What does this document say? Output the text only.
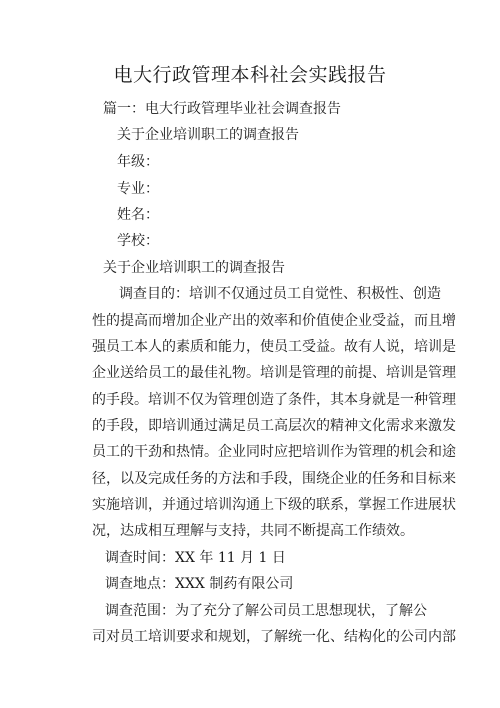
电大行政管理本科社会实践报告
篇一：电大行政管理毕业社会调查报告
关于企业培训职工的调查报告
年级：
专业：
姓名：
学校：
关于企业培训职工的调查报告
调查目的：培训不仅通过员工自觉性、积极性、创造
性的提高而增加企业产出的效率和价值使企业受益，而且增
强员工本人的素质和能力，使员工受益。故有人说，培训是
企业送给员工的最佳礼物。培训是管理的前提、培训是管理
的手段。培训不仅为管理创造了条件，其本身就是一种管理
的手段，即培训通过满足员工高层次的精神文化需求来激发
员工的干劲和热情。企业同时应把培训作为管理的机会和途
径，以及完成任务的方法和手段，围绕企业的任务和目标来
实施培训，并通过培训沟通上下级的联系，掌握工作进展状
况，达成相互理解与支持，共同不断提高工作绩效。
调查时间：XX 年 11 月 1 日
调查地点：XXX 制药有限公司
调查范围：为了充分了解公司员工思想现状，了解公
司对员工培训要求和规划，了解统一化、结构化的公司内部
